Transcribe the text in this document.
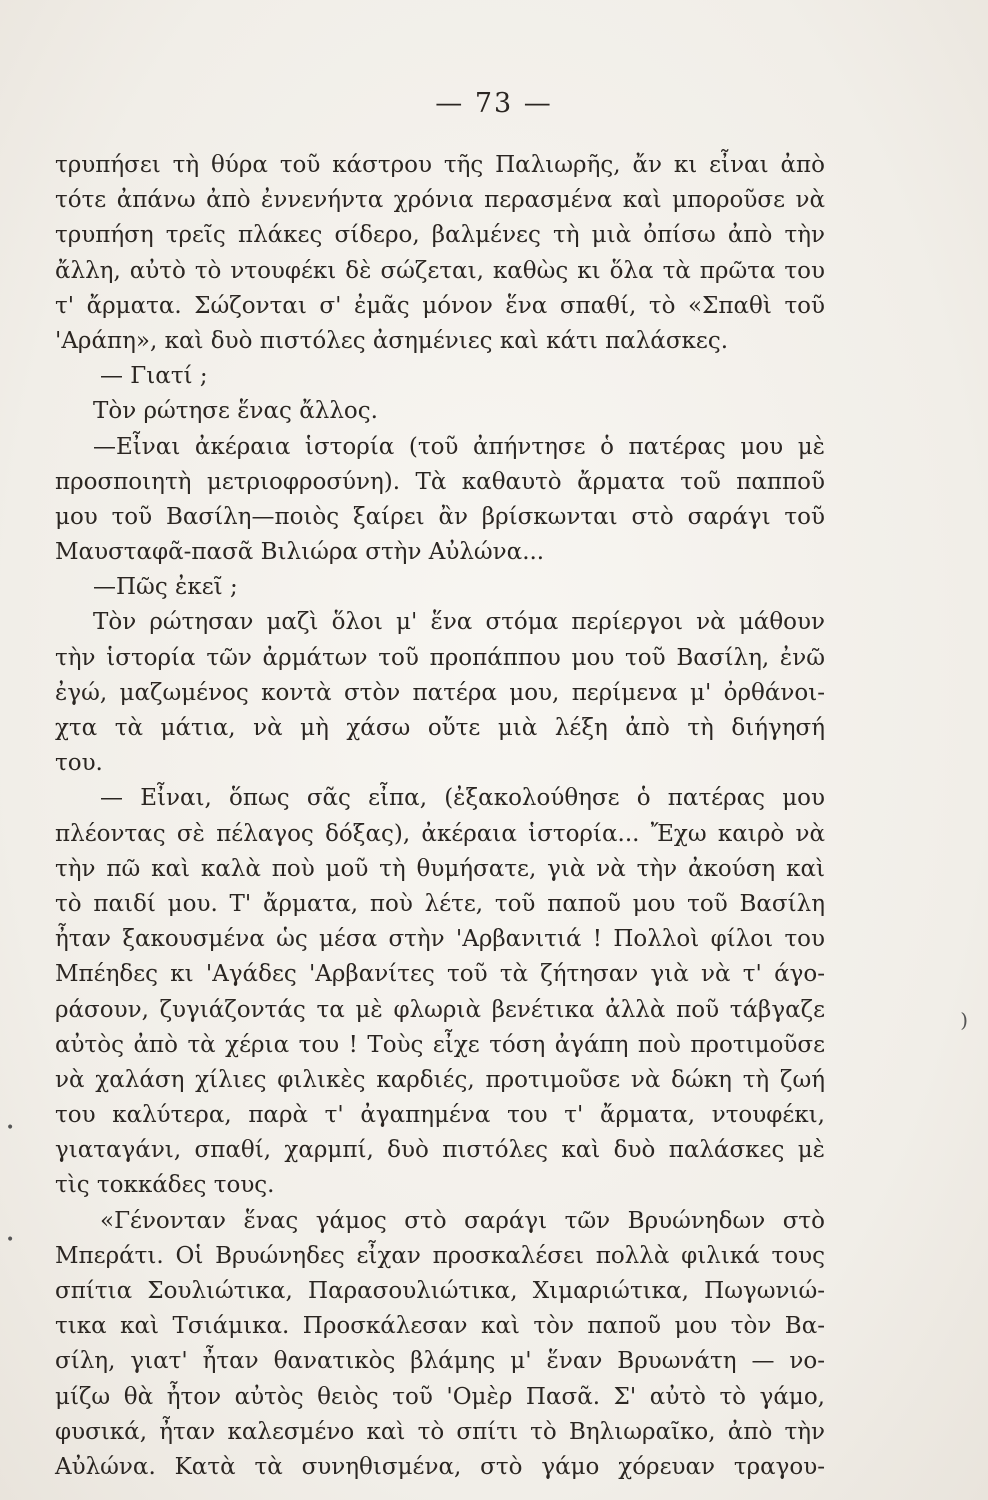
— 73 —
τρυπήσει τὴ θύρα τοῦ κάστρου τῆς Παλιωρῆς, ἄν κι εἶναι ἀπὸ
τότε ἀπάνω ἀπὸ ἐννενήντα χρόνια περασμένα καὶ μποροῦσε νὰ
τρυπήση τρεῖς πλάκες σίδερο, βαλμένες τὴ μιὰ ὀπίσω ἀπὸ τὴν
ἄλλη, αὐτὸ τὸ ντουφέκι δὲ σώζεται, καθὼς κι ὅλα τὰ πρῶτα του
τ' ἄρματα. Σώζονται σ' ἐμᾶς μόνον ἕνα σπαθί, τὸ «Σπαθὶ τοῦ
'Αράπη», καὶ δυὸ πιστόλες ἀσημένιες καὶ κάτι παλάσκες.
— Γιατί ;
Τὸν ρώτησε ἕνας ἄλλος.
—Εἶναι ἀκέραια ἱστορία (τοῦ ἀπήντησε ὁ πατέρας μου μὲ
προσποιητὴ μετριοφροσύνη). Τὰ καθαυτὸ ἄρματα τοῦ παπποῦ
μου τοῦ Βασίλη—ποιὸς ξαίρει ἂν βρίσκωνται στὸ σαράγι τοῦ
Μαυσταφᾶ-πασᾶ Βιλιώρα στὴν Αὐλώνα...
—Πῶς ἐκεῖ ;
Τὸν ρώτησαν μαζὶ ὅλοι μ' ἕνα στόμα περίεργοι νὰ μάθουν
τὴν ἱστορία τῶν ἀρμάτων τοῦ προπάππου μου τοῦ Βασίλη, ἐνῶ
ἐγώ, μαζωμένος κοντὰ στὸν πατέρα μου, περίμενα μ' ὀρθάνοι-
χτα τὰ μάτια, νὰ μὴ χάσω οὔτε μιὰ λέξη ἀπὸ τὴ διήγησή
του.
— Εἶναι, ὅπως σᾶς εἶπα, (ἐξακολούθησε ὁ πατέρας μου
πλέοντας σὲ πέλαγος δόξας), ἀκέραια ἱστορία... Ἔχω καιρὸ νὰ
τὴν πῶ καὶ καλὰ ποὺ μοῦ τὴ θυμήσατε, γιὰ νὰ τὴν ἀκούση καὶ
τὸ παιδί μου. Τ' ἄρματα, ποὺ λέτε, τοῦ παποῦ μου τοῦ Βασίλη
ἦταν ξακουσμένα ὡς μέσα στὴν 'Αρβανιτιά ! Πολλοὶ φίλοι του
Μπέηδες κι 'Αγάδες 'Αρβανίτες τοῦ τὰ ζήτησαν γιὰ νὰ τ' άγο-
ράσουν, ζυγιάζοντάς τα μὲ φλωριὰ βενέτικα ἀλλὰ ποῦ τάβγαζε
αὐτὸς ἀπὸ τὰ χέρια του ! Τοὺς εἶχε τόση ἀγάπη ποὺ προτιμοῦσε
νὰ χαλάση χίλιες φιλικὲς καρδιές, προτιμοῦσε νὰ δώκη τὴ ζωή
του καλύτερα, παρὰ τ' ἀγαπημένα του τ' ἄρματα, ντουφέκι,
γιαταγάνι, σπαθί, χαρμπί, δυὸ πιστόλες καὶ δυὸ παλάσκες μὲ
τὶς τοκκάδες τους.
«Γένονταν ἕνας γάμος στὸ σαράγι τῶν Βρυώνηδων στὸ
Μπεράτι. Οἱ Βρυώνηδες εἶχαν προσκαλέσει πολλὰ φιλικά τους
σπίτια Σουλιώτικα, Παρασουλιώτικα, Χιμαριώτικα, Πωγωνιώ-
τικα καὶ Τσιάμικα. Προσκάλεσαν καὶ τὸν παποῦ μου τὸν Βα-
σίλη, γιατ' ἦταν θανατικὸς βλάμης μ' ἕναν Βρυωνάτη — νο-
μίζω θὰ ἦτον αὐτὸς θειὸς τοῦ 'Ομὲρ Πασᾶ. Σ' αὐτὸ τὸ γάμο,
φυσικά, ἦταν καλεσμένο καὶ τὸ σπίτι τὸ Βηλιωραῖκο, ἀπὸ τὴν
Αὐλώνα. Κατὰ τὰ συνηθισμένα, στὸ γάμο χόρευαν τραγου-
)
•
•
